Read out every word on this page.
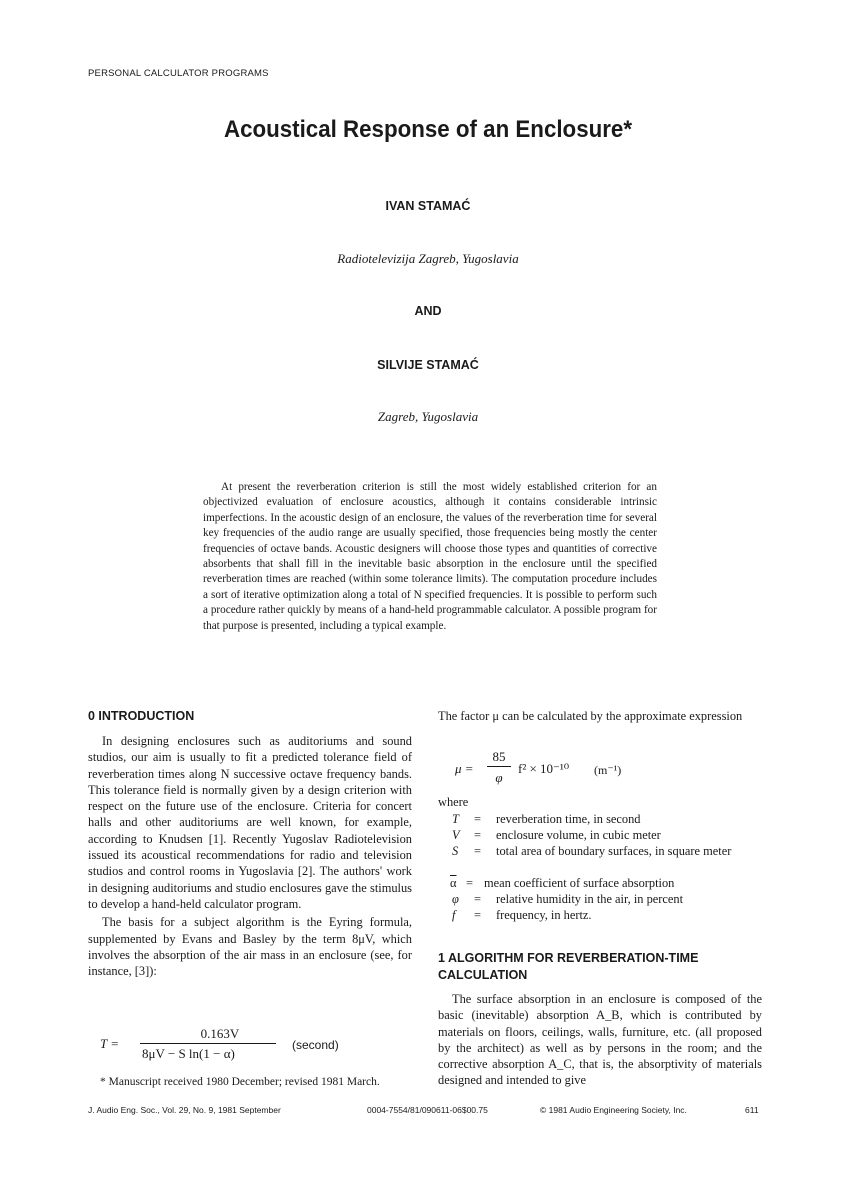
PERSONAL CALCULATOR PROGRAMS
Acoustical Response of an Enclosure*
IVAN STAMAĆ
Radiotelevizija Zagreb, Yugoslavia
AND
SILVIJE STAMAĆ
Zagreb, Yugoslavia
At present the reverberation criterion is still the most widely established criterion for an objectivized evaluation of enclosure acoustics, although it contains considerable intrinsic imperfections. In the acoustic design of an enclosure, the values of the reverberation time for several key frequencies of the audio range are usually specified, those frequencies being mostly the center frequencies of octave bands. Acoustic designers will choose those types and quantities of corrective absorbents that shall fill in the inevitable basic absorption in the enclosure until the specified reverberation times are reached (within some tolerance limits). The computation procedure includes a sort of iterative optimization along a total of N specified frequencies. It is possible to perform such a procedure rather quickly by means of a hand-held programmable calculator. A possible program for that purpose is presented, including a typical example.
0 INTRODUCTION

In designing enclosures such as auditoriums and sound studios, our aim is usually to fit a predicted tolerance field of reverberation times along N successive octave frequency bands. This tolerance field is normally given by a design criterion with respect on the future use of the enclosure. Criteria for concert halls and other auditoriums are well known, for example, according to Knudsen [1]. Recently Yugoslav Radiotelevision issued its acoustical recommendations for radio and television studios and control rooms in Yugoslavia [2]. The authors' work in designing auditoriums and studio enclosures gave the stimulus to develop a hand-held calculator program.

The basis for a subject algorithm is the Eyring formula, supplemented by Evans and Basley by the term 8μV, which involves the absorption of the air mass in an enclosure (see, for instance, [3]):

T =
0.163V
8μV − S ln(1 − α)
(second)
* Manuscript received 1980 December; revised 1981 March.
The factor μ can be calculated by the approximate expression
μ =
85
φ
f² × 10⁻¹⁰ (m⁻¹)
where
T = reverberation time, in second
V = enclosure volume, in cubic meter
S = total area of boundary surfaces, in square meter
$\overline{\alpha}$ = mean coefficient of surface absorption
φ = relative humidity in the air, in percent
f = frequency, in hertz.
1 ALGORITHM FOR REVERBERATION-TIME
CALCULATION

The surface absorption in an enclosure is composed of the basic (inevitable) absorption A_B, which is contributed by materials on floors, ceilings, walls, furniture, etc. (all proposed by the architect) as well as by persons in the room; and the corrective absorption A_C, that is, the absorptivity of materials designed and intended to give

J. Audio Eng. Soc., Vol. 29, No. 9, 1981 September	0004-7554/81/090611-06$00.75	© 1981 Audio Engineering Society, Inc.	611
